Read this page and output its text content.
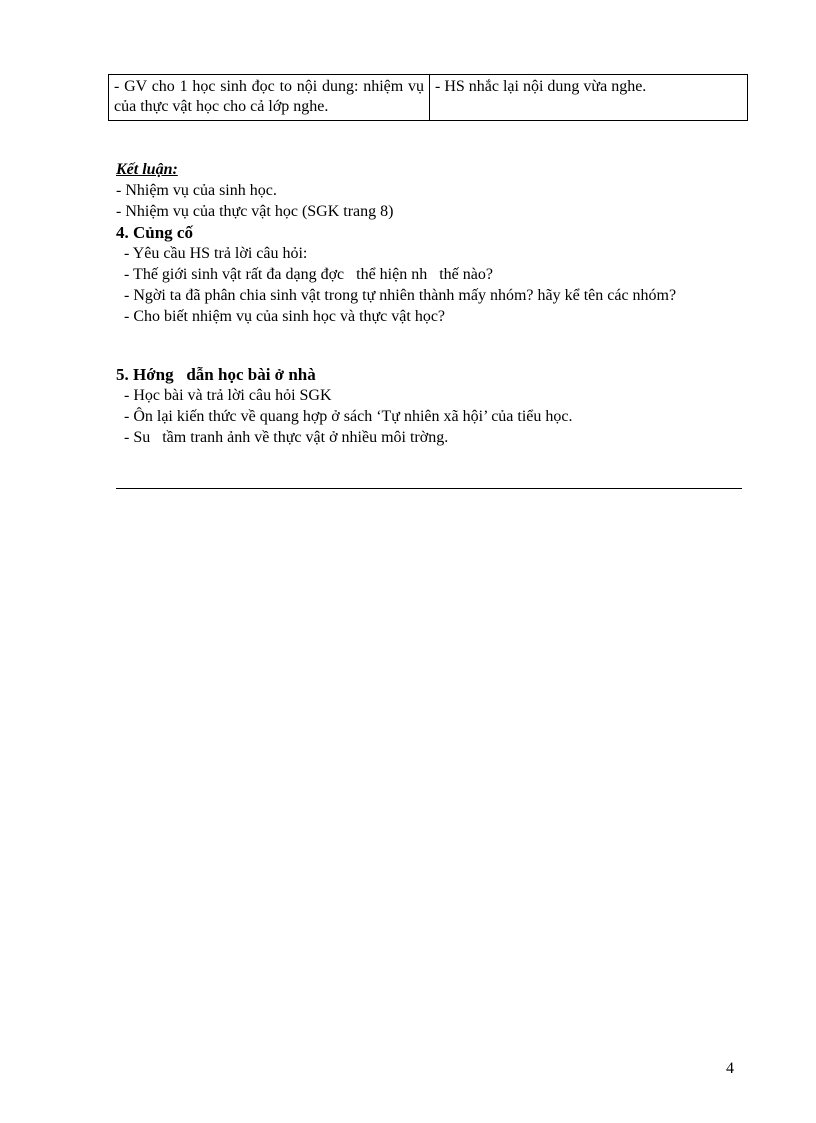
- GV cho 1 học sinh đọc to nội dung: nhiệm vụ của thực vật học cho cả lớp nghe.	- HS nhắc lại nội dung vừa nghe.
Kết luận:
- Nhiệm vụ của sinh học.
- Nhiệm vụ của thực vật học (SGK trang 8)
4. Củng cố
- Yêu cầu HS trả lời câu hỏi:
- Thế giới sinh vật rất đa dạng đợc   thể hiện nh   thế nào?
- Ngời ta đã phân chia sinh vật trong tự nhiên thành mấy nhóm? hãy kể tên các nhóm?
- Cho biết nhiệm vụ của sinh học và thực vật học?
5. Hớng   dẫn học bài ở nhà
- Học bài và trả lời câu hỏi SGK
- Ôn lại kiến thức về quang hợp ở sách ‘Tự nhiên xã hội’ của tiểu học.
- Su   tầm tranh ảnh về thực vật ở nhiều môi trờng.
4
